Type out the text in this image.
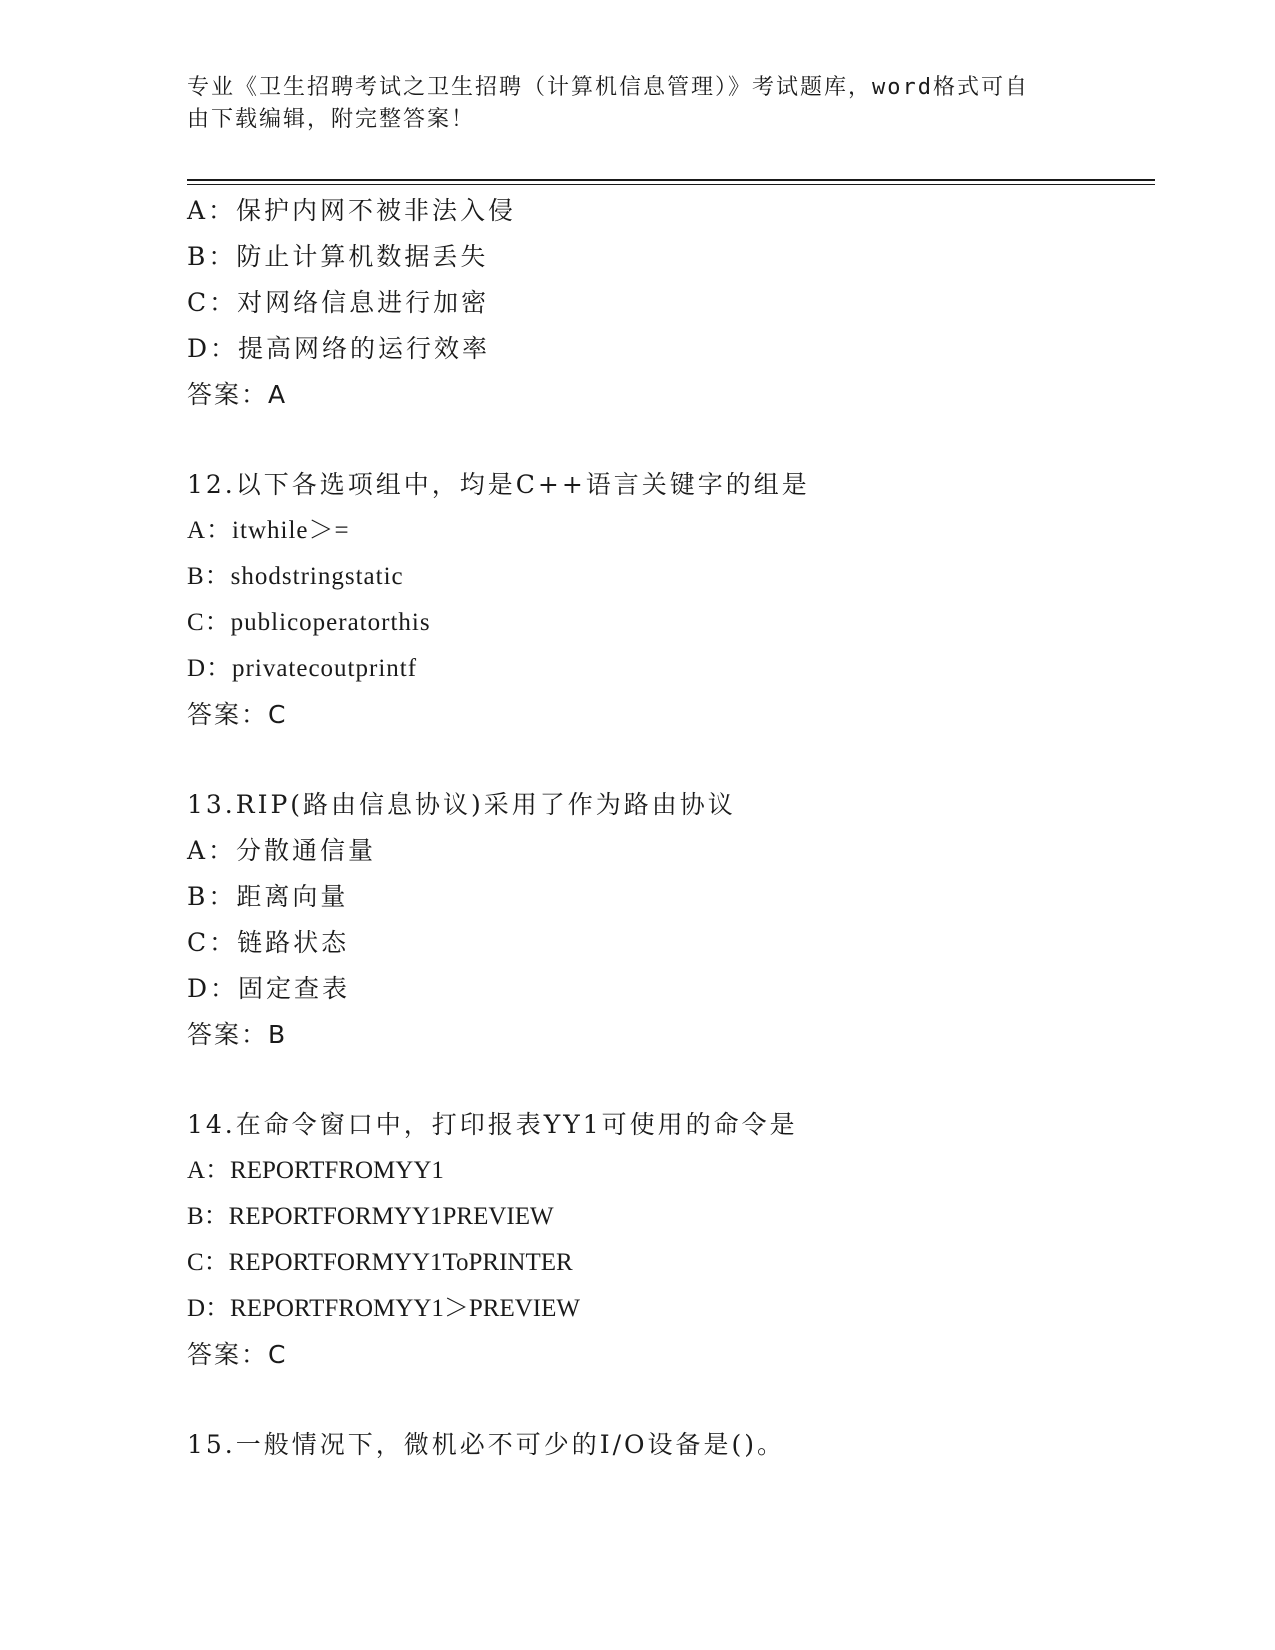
专业《卫生招聘考试之卫生招聘（计算机信息管理）》考试题库，word格式可自
由下载编辑，附完整答案！
A：保护内网不被非法入侵
B：防止计算机数据丢失
C：对网络信息进行加密
D：提高网络的运行效率
答案：A
12.以下各选项组中，均是C++语言关键字的组是
A：itwhile＞=
B：shodstringstatic
C：publicoperatorthis
D：privatecoutprintf
答案：C
13.RIP(路由信息协议)采用了作为路由协议
A：分散通信量
B：距离向量
C：链路状态
D：固定查表
答案：B
14.在命令窗口中，打印报表YY1可使用的命令是
A：REPORTFROMYY1
B：REPORTFORMYY1PREVIEW
C：REPORTFORMYY1ToPRINTER
D：REPORTFROMYY1＞PREVIEW
答案：C
15.一般情况下，微机必不可少的I/O设备是()。
